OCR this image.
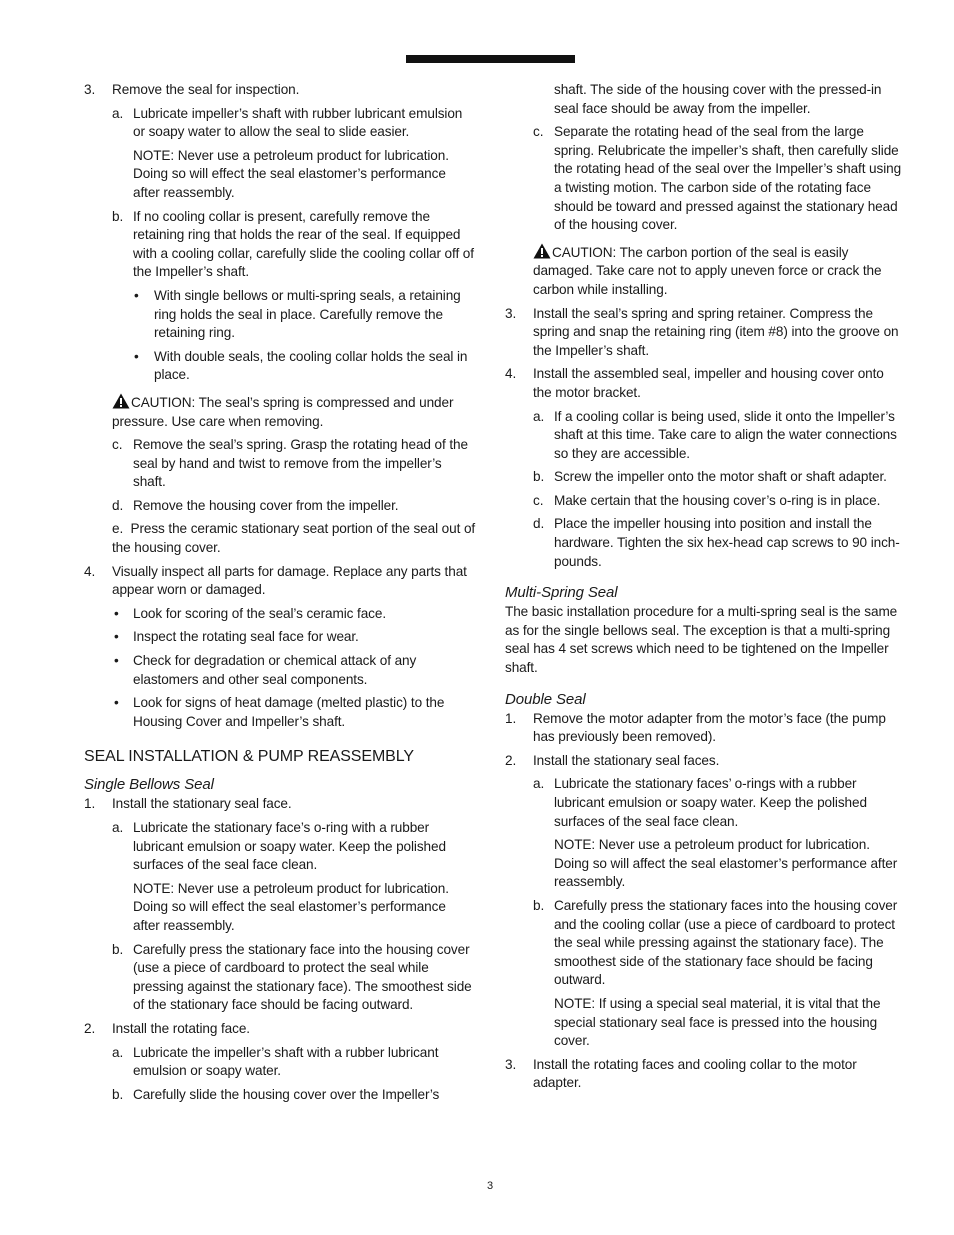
3. Remove the seal for inspection.

a. Lubricate impeller’s shaft with rubber lubricant emulsion or soapy water to allow the seal to slide easier.

NOTE: Never use a petroleum product for lubrication. Doing so will effect the seal elastomer’s performance after reassembly.

b. If no cooling collar is present, carefully remove the retaining ring that holds the rear of the seal. If equipped with a cooling collar, carefully slide the cooling collar off of the Impeller’s shaft.

• With single bellows or multi-spring seals, a retaining ring holds the seal in place. Carefully remove the retaining ring.

• With double seals, the cooling collar holds the seal in place.

CAUTION: The seal’s spring is compressed and under pressure. Use care when removing.

c. Remove the seal’s spring. Grasp the rotating head of the seal by hand and twist to remove from the impeller’s shaft.

d. Remove the housing cover from the impeller.

e. Press the ceramic stationary seat portion of the seal out of the housing cover.

4. Visually inspect all parts for damage. Replace any parts that appear worn or damaged.

• Look for scoring of the seal’s ceramic face.

• Inspect the rotating seal face for wear.

• Check for degradation or chemical attack of any elastomers and other seal components.

• Look for signs of heat damage (melted plastic) to the Housing Cover and Impeller’s shaft.

SEAL INSTALLATION & PUMP REASSEMBLY
Single Bellows Seal

1. Install the stationary seal face.

a. Lubricate the stationary face’s o-ring with a rubber lubricant emulsion or soapy water. Keep the polished surfaces of the seal face clean.

NOTE: Never use a petroleum product for lubrication. Doing so will effect the seal elastomer’s performance after reassembly.

b. Carefully press the stationary face into the housing cover (use a piece of cardboard to protect the seal while pressing against the stationary face). The smoothest side of the stationary face should be facing outward.

2. Install the rotating face.

a. Lubricate the impeller’s shaft with a rubber lubricant emulsion or soapy water.

b. Carefully slide the housing cover over the Impeller’s

shaft. The side of the housing cover with the pressed-in seal face should be away from the impeller.

c. Separate the rotating head of the seal from the large spring. Relubricate the impeller’s shaft, then carefully slide the rotating head of the seal over the Impeller’s shaft using a twisting motion. The carbon side of the rotating face should be toward and pressed against the stationary head of the housing cover.

CAUTION: The carbon portion of the seal is easily damaged. Take care not to apply uneven force or crack the carbon while installing.

3. Install the seal’s spring and spring retainer. Compress the spring and snap the retaining ring (item #8) into the groove on the Impeller’s shaft.

4. Install the assembled seal, impeller and housing cover onto the motor bracket.

a. If a cooling collar is being used, slide it onto the Impeller’s shaft at this time. Take care to align the water connections so they are accessible.

b. Screw the impeller onto the motor shaft or shaft adapter.

c. Make certain that the housing cover’s o-ring is in place.

d. Place the impeller housing into position and install the hardware. Tighten the six hex-head cap screws to 90 inch-pounds.

Multi-Spring Seal

The basic installation procedure for a multi-spring seal is the same as for the single bellows seal. The exception is that a multi-spring seal has 4 set screws which need to be tightened on the Impeller shaft.

Double Seal

1. Remove the motor adapter from the motor’s face (the pump has previously been removed).

2. Install the stationary seal faces.

a. Lubricate the stationary faces’ o-rings with a rubber lubricant emulsion or soapy water. Keep the polished surfaces of the seal face clean.

NOTE: Never use a petroleum product for lubrication. Doing so will affect the seal elastomer’s performance after reassembly.

b. Carefully press the stationary faces into the housing cover and the cooling collar (use a piece of cardboard to protect the seal while pressing against the stationary face). The smoothest side of the stationary face should be facing outward.

NOTE: If using a special seal material, it is vital that the special stationary seal face is pressed into the housing cover.

3. Install the rotating faces and cooling collar to the motor adapter.

3
